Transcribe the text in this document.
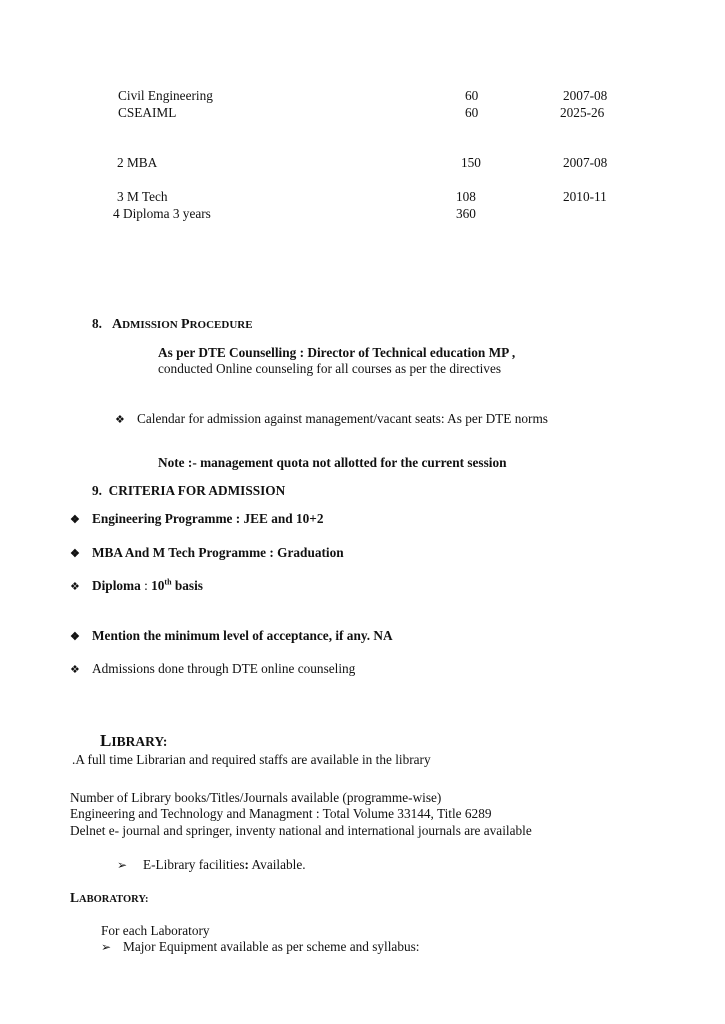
Civil Engineering	60	2007-08
CSEAIML	60	2025-26
2 MBA	150	2007-08
3 M Tech	108	2010-11
4 Diploma 3 years	360
8. ADMISSION PROCEDURE
As per DTE Counselling : Director of Technical education MP ,
conducted Online counseling for all courses as per the directives
❖ Calendar for admission against management/vacant seats: As per DTE norms
Note :- management quota not allotted for the current session
9. CRITERIA FOR ADMISSION
❖ Engineering Programme : JEE and 10+2
❖ MBA And M Tech Programme : Graduation
❖ Diploma : 10th basis
❖ Mention the minimum level of acceptance, if any. NA
❖ Admissions done through DTE online counseling
LIBRARY:
.A full time Librarian and required staffs are available in the library
Number of Library books/Titles/Journals available (programme-wise)
Engineering and Technology and Managment : Total Volume 33144, Title 6289
Delnet e- journal and springer, inventy national and international journals are available
➢ E-Library facilities: Available.
LABORATORY:
For each Laboratory
➢ Major Equipment available as per scheme and syllabus:
